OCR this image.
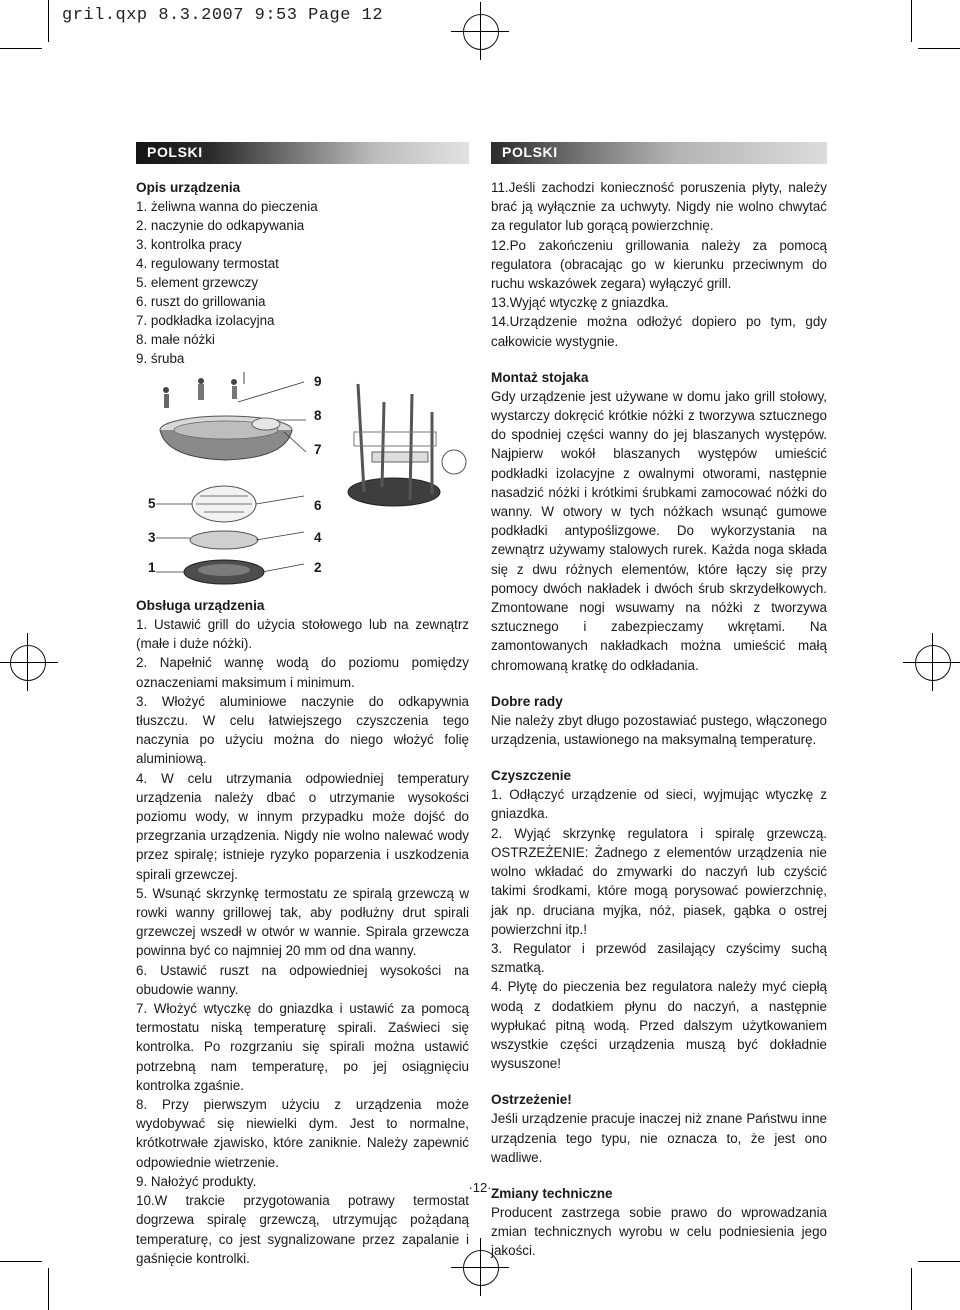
gril.qxp 8.3.2007 9:53 Page 12
POLSKI
Opis urządzenia
1. żeliwna wanna do pieczenia
2. naczynie do odkapywania
3. kontrolka pracy
4. regulowany termostat
5. element grzewczy
6. ruszt do grillowania
7. podkładka izolacyjna
8. małe nóżki
9. śruba
9
8
7
5	6
3	4
1	2
Obsługa urządzenia
1. Ustawić grill do użycia stołowego lub na zewnątrz (małe i duże nóżki).
2. Napełnić wannę wodą do poziomu pomiędzy oznaczeniami maksimum i minimum.
3. Włożyć aluminiowe naczynie do odkapywnia tłuszczu. W celu łatwiejszego czyszczenia tego naczynia po użyciu można do niego włożyć folię aluminiową.
4. W celu utrzymania odpowiedniej temperatury urządzenia należy dbać o utrzymanie wysokości poziomu wody, w innym przypadku może dojść do przegrzania urządzenia. Nigdy nie wolno nalewać wody przez spiralę; istnieje ryzyko poparzenia i uszkodzenia spirali grzewczej.
5. Wsunąć skrzynkę termostatu ze spiralą grzewczą w rowki wanny grillowej tak, aby podłużny drut spirali grzewczej wszedł w otwór w wannie. Spirala grzewcza powinna być co najmniej 20 mm od dna wanny.
6. Ustawić ruszt na odpowiedniej wysokości na obudowie wanny.
7. Włożyć wtyczkę do gniazdka i ustawić za pomocą termostatu niską temperaturę spirali. Zaświeci się kontrolka. Po rozgrzaniu się spirali można ustawić potrzebną nam temperaturę, po jej osiągnięciu kontrolka zgaśnie.
8. Przy pierwszym użyciu z urządzenia może wydobywać się niewielki dym. Jest to normalne, krótkotrwałe zjawisko, które zaniknie. Należy zapewnić odpowiednie wietrzenie.
9. Nałożyć produkty.
10.W trakcie przygotowania potrawy termostat dogrzewa spiralę grzewczą, utrzymując pożądaną temperaturę, co jest sygnalizowane przez zapalanie i gaśnięcie kontrolki.
POLSKI
11.Jeśli zachodzi konieczność poruszenia płyty, należy brać ją wyłącznie za uchwyty. Nigdy nie wolno chwytać za regulator lub gorącą powierzchnię.
12.Po zakończeniu grillowania należy za pomocą regulatora (obracając go w kierunku przeciwnym do ruchu wskazówek zegara) wyłączyć grill.
13.Wyjąć wtyczkę z gniazdka.
14.Urządzenie można odłożyć dopiero po tym, gdy całkowicie wystygnie.
Montaż stojaka

Gdy urządzenie jest używane w domu jako grill stołowy, wystarczy dokręcić krótkie nóżki z tworzywa sztucznego do spodniej części wanny do jej blaszanych występów. Najpierw wokół blaszanych występów umieścić podkładki izolacyjne z owalnymi otworami, następnie nasadzić nóżki i krótkimi śrubkami zamocować nóżki do wanny. W otwory w tych nóżkach wsunąć gumowe podkładki antypoślizgowe. Do wykorzystania na zewnątrz używamy stalowych rurek. Każda noga składa się z dwu różnych elementów, które łączy się przy pomocy dwóch nakładek i dwóch śrub skrzydełkowych. Zmontowane nogi wsuwamy na nóżki z tworzywa sztucznego i zabezpieczamy wkrętami. Na zamontowanych nakładkach można umieścić małą chromowaną kratkę do odkładania.

Dobre rady

Nie należy zbyt długo pozostawiać pustego, włączonego urządzenia, ustawionego na maksymalną temperaturę.

Czyszczenie
1. Odłączyć urządzenie od sieci, wyjmując wtyczkę z gniazdka.
2. Wyjąć skrzynkę regulatora i spiralę grzewczą. OSTRZEŻENIE: Żadnego z elementów urządzenia nie wolno wkładać do zmywarki do naczyń lub czyścić takimi środkami, które mogą porysować powierzchnię, jak np. druciana myjka, nóż, piasek, gąbka o ostrej powierzchni itp.!
3. Regulator i przewód zasilający czyścimy suchą szmatką.
4. Płytę do pieczenia bez regulatora należy myć ciepłą wodą z dodatkiem płynu do naczyń, a następnie wypłukać pitną wodą. Przed dalszym użytkowaniem wszystkie części urządzenia muszą być dokładnie wysuszone!
Ostrzeżenie!

Jeśli urządzenie pracuje inaczej niż znane Państwu inne urządzenia tego typu, nie oznacza to, że jest ono wadliwe.

Zmiany techniczne

Producent zastrzega sobie prawo do wprowadzania zmian technicznych wyrobu w celu podniesienia jego jakości.

·12·
